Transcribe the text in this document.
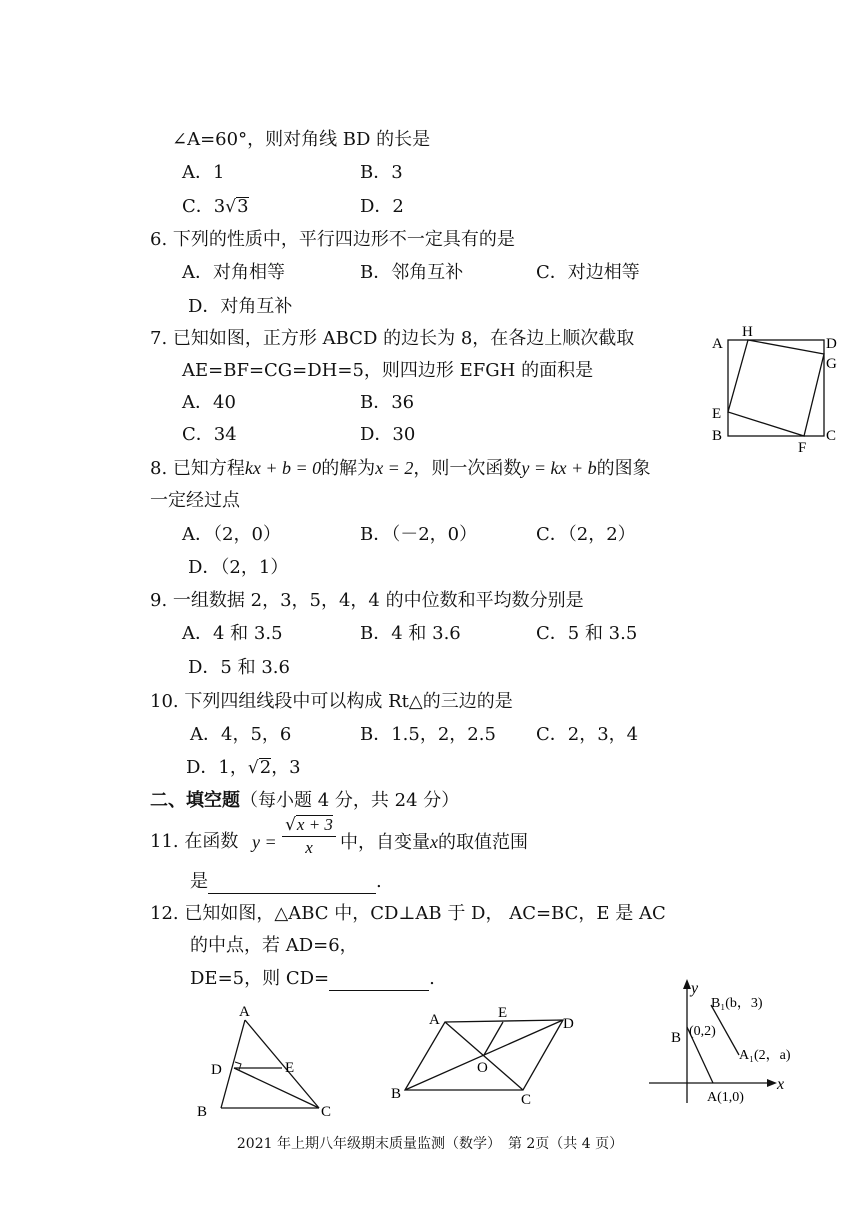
∠A=60°，则对角线 BD 的长是
A．1	B．3
C．3√3	D．2
6. 下列的性质中，平行四边形不一定具有的是
A．对角相等	B．邻角互补	C．对边相等
D．对角互补
7. 已知如图，正方形 ABCD 的边长为 8，在各边上顺次截取
AE=BF=CG=DH=5，则四边形 EFGH 的面积是
A．40	B．36
C．34	D．30
A
H
D
G
E
B	C
F
8. 已知方程kx + b = 0的解为x = 2，则一次函数y = kx + b的图象
一定经过点
A．（2，0）	B．（－2，0）	C．（2，2）
D．（2，1）
9. 一组数据 2，3，5，4，4 的中位数和平均数分别是
A．4 和 3.5	B．4 和 3.6	C．5 和 3.5
D．5 和 3.6
10. 下列四组线段中可以构成 Rt△的三边的是
A．4，5，6	B．1.5，2，2.5 C．2，3，4
D．1，√2，3
二、填空题（每小题 4 分，共 24 分）
11. 在函数 y =
√x + 3
x	中，自变量x的取值范围
是	.
12. 已知如图，△ABC 中，CD⊥AB 于 D， AC=BC，E 是 AC
的中点，若 AD=6，
DE=5，则 CD=	.
A
D	E
B	C
A	E
D
O
B	C
y
x
B₁(b，3)
B (0,2)
A₁(2，a)
A(1,0)
2021 年上期八年级期末质量监测（数学）　第 2页（共 4 页）
